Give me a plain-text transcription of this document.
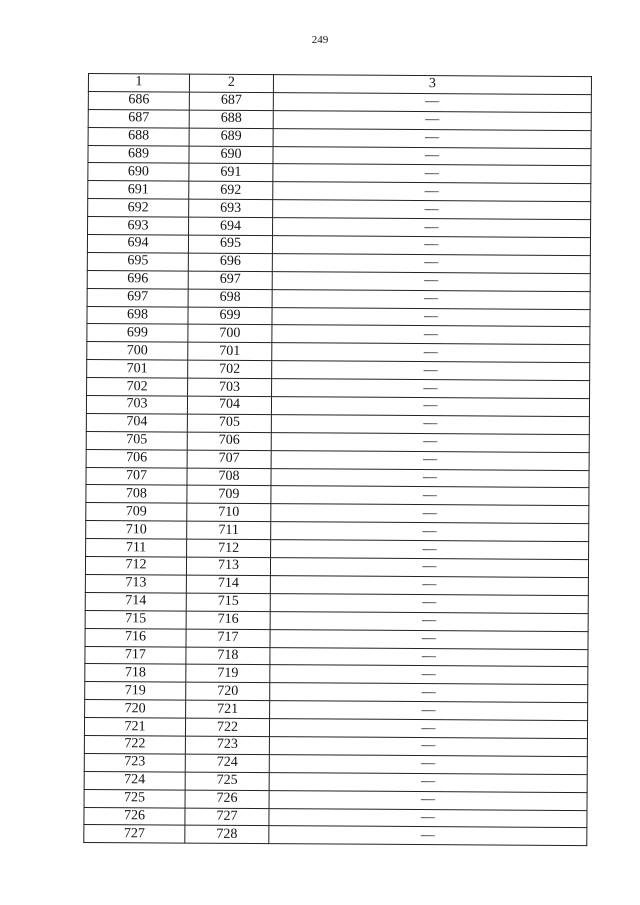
249
1	2	3
686	687	—
687	688	—
688	689	—
689	690	—
690	691	—
691	692	—
692	693	—
693	694	—
694	695	—
695	696	—
696	697	—
697	698	—
698	699	—
699	700	—
700	701	—
701	702	—
702	703	—
703	704	—
704	705	—
705	706	—
706	707	—
707	708	—
708	709	—
709	710	—
710	711	—
711	712	—
712	713	—
713	714	—
714	715	—
715	716	—
716	717	—
717	718	—
718	719	—
719	720	—
720	721	—
721	722	—
722	723	—
723	724	—
724	725	—
725	726	—
726	727	—
727	728	—
